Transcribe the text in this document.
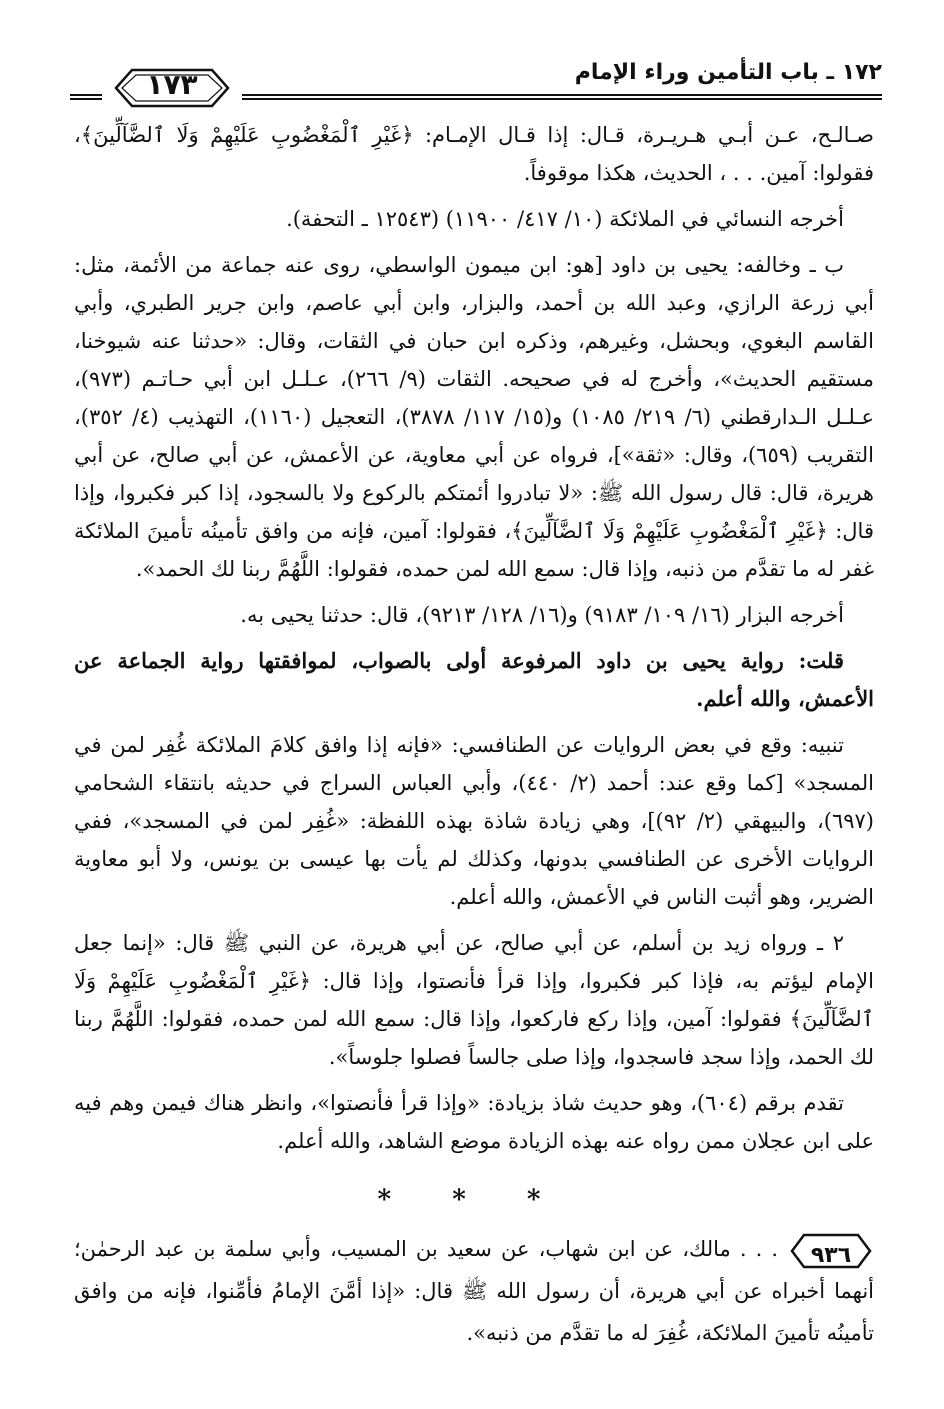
١٧٢ ـ باب التأمين وراء الإمام
١٧٣

صـالـح، عـن أبـي هـريـرة، قـال: إذا قـال الإمـام: ﴿غَيْرِ ٱلْمَغْضُوبِ عَلَيْهِمْ وَلَا ٱلضَّآلِّينَ﴾، فقولوا: آمين. . . ، الحديث، هكذا موقوفاً.

أخرجه النسائي في الملائكة (١٠/ ٤١٧/ ١١٩٠٠) (١٢٥٤٣ ـ التحفة).

ب ـ وخالفه: يحيى بن داود [هو: ابن ميمون الواسطي، روى عنه جماعة من الأئمة، مثل: أبي زرعة الرازي، وعبد الله بن أحمد، والبزار، وابن أبي عاصم، وابن جرير الطبري، وأبي القاسم البغوي، وبحشل، وغيرهم، وذكره ابن حبان في الثقات، وقال: «حدثنا عنه شيوخنا، مستقيم الحديث»، وأخرج له في صحيحه. الثقات (٩/ ٢٦٦)، عـلـل ابن أبي حـاتـم (٩٧٣)، عـلـل الـدارقطني (٦/ ٢١٩/ ١٠٨٥) و(١٥/ ١١٧/ ٣٨٧٨)، التعجيل (١١٦٠)، التهذيب (٤/ ٣٥٢)، التقريب (٦٥٩)، وقال: «ثقة»]، فرواه عن أبي معاوية، عن الأعمش، عن أبي صالح، عن أبي هريرة، قال: قال رسول الله ﷺ: «لا تبادروا أئمتكم بالركوع ولا بالسجود، إذا كبر فكبروا، وإذا قال: ﴿غَيْرِ ٱلْمَغْضُوبِ عَلَيْهِمْ وَلَا ٱلضَّآلِّينَ﴾، فقولوا: آمين، فإنه من وافق تأمينُه تأمينَ الملائكة غفر له ما تقدَّم من ذنبه، وإذا قال: سمع الله لمن حمده، فقولوا: اللَّهُمَّ ربنا لك الحمد».

أخرجه البزار (١٦/ ١٠٩/ ٩١٨٣) و(١٦/ ١٢٨/ ٩٢١٣)، قال: حدثنا يحيى به.

قلت: رواية يحيى بن داود المرفوعة أولى بالصواب، لموافقتها رواية الجماعة عن الأعمش، والله أعلم.

تنبيه: وقع في بعض الروايات عن الطنافسي: «فإنه إذا وافق كلامَ الملائكة غُفِر لمن في المسجد» [كما وقع عند: أحمد (٢/ ٤٤٠)، وأبي العباس السراج في حديثه بانتقاء الشحامي (٦٩٧)، والبيهقي (٢/ ٩٢)]، وهي زيادة شاذة بهذه اللفظة: «غُفِر لمن في المسجد»، ففي الروايات الأخرى عن الطنافسي بدونها، وكذلك لم يأت بها عيسى بن يونس، ولا أبو معاوية الضرير، وهو أثبت الناس في الأعمش، والله أعلم.

٢ ـ ورواه زيد بن أسلم، عن أبي صالح، عن أبي هريرة، عن النبي ﷺ قال: «إنما جعل الإمام ليؤتم به، فإذا كبر فكبروا، وإذا قرأ فأنصتوا، وإذا قال: ﴿غَيْرِ ٱلْمَغْضُوبِ عَلَيْهِمْ وَلَا ٱلضَّآلِّينَ﴾ فقولوا: آمين، وإذا ركع فاركعوا، وإذا قال: سمع الله لمن حمده، فقولوا: اللَّهُمَّ ربنا لك الحمد، وإذا سجد فاسجدوا، وإذا صلى جالساً فصلوا جلوساً».

تقدم برقم (٦٠٤)، وهو حديث شاذ بزيادة: «وإذا قرأ فأنصتوا»، وانظر هناك فيمن وهم فيه على ابن عجلان ممن رواه عنه بهذه الزيادة موضع الشاهد، والله أعلم.

* * *

٩٣٦
. . . مالك، عن ابن شهاب، عن سعيد بن المسيب، وأبي سلمة بن عبد الرحمٰن؛ أنهما أخبراه عن أبي هريرة، أن رسول الله ﷺ قال: «إذا أمَّنَ الإمامُ فأمِّنوا، فإنه من وافق تأمينُه تأمينَ الملائكة، غُفِرَ له ما تقدَّم من ذنبه».
